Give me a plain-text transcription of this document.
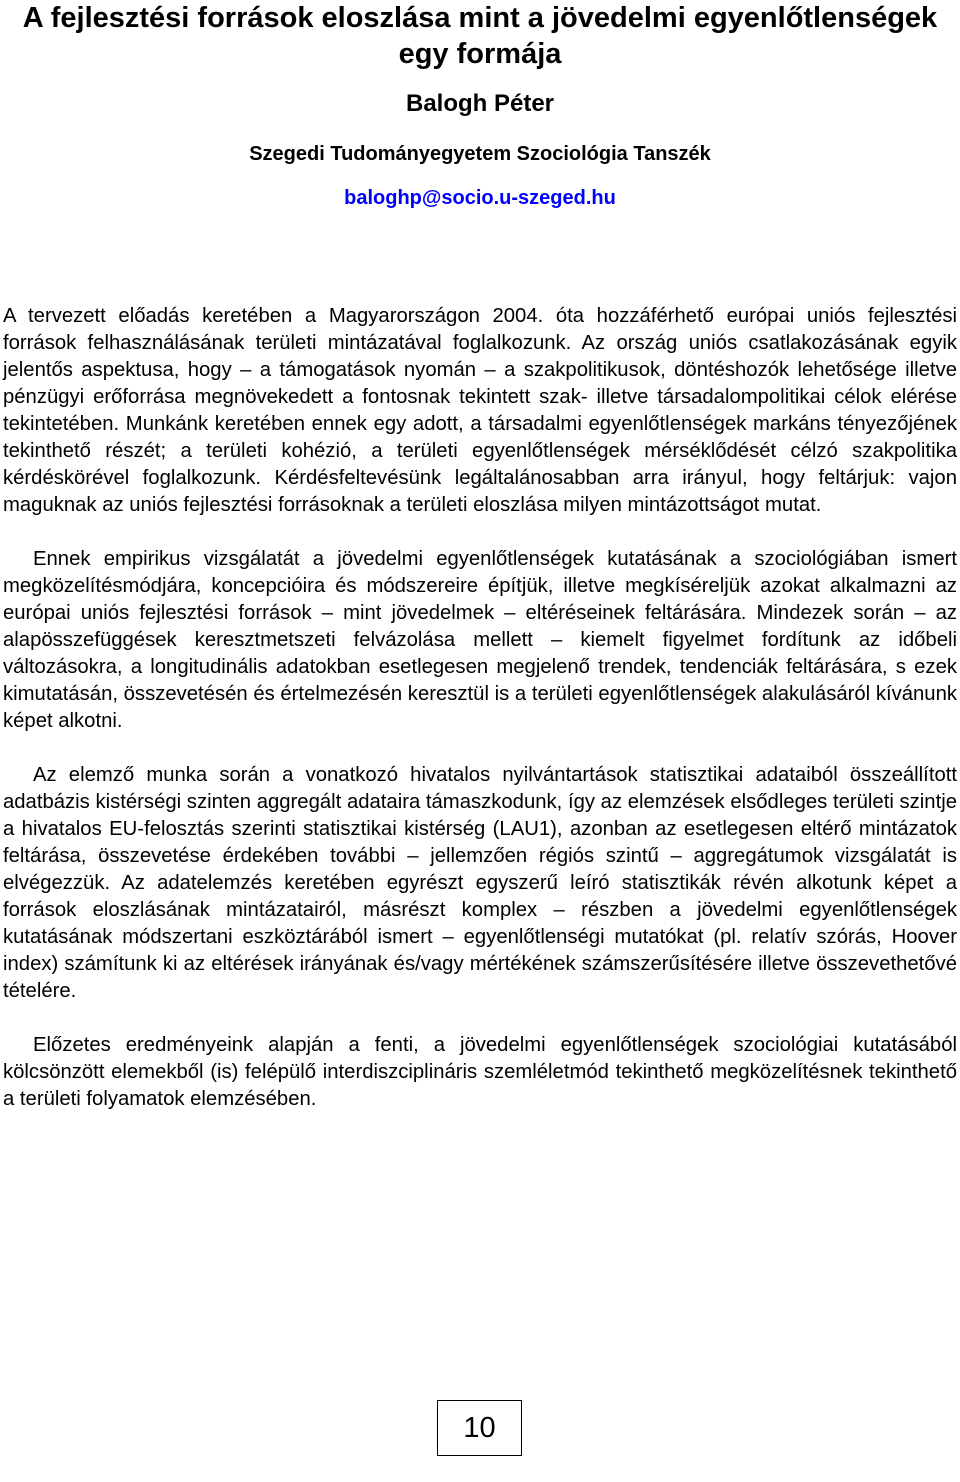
A fejlesztési források eloszlása mint a jövedelmi egyenlőtlenségek egy formája
Balogh Péter
Szegedi Tudományegyetem Szociológia Tanszék
baloghp@socio.u-szeged.hu

A tervezett előadás keretében a Magyarországon 2004. óta hozzáférhető európai uniós fejlesztési források felhasználásának területi mintázatával foglalkozunk. Az ország uniós csatlakozásának egyik jelentős aspektusa, hogy – a támogatások nyomán – a szakpolitikusok, döntéshozók lehetősége illetve pénzügyi erőforrása megnövekedett a fontosnak tekintett szak- illetve társadalompolitikai célok elérése tekintetében. Munkánk keretében ennek egy adott, a társadalmi egyenlőtlenségek markáns tényezőjének tekinthető részét; a területi kohézió, a területi egyenlőtlenségek mérséklődését célzó szakpolitika kérdéskörével foglalkozunk. Kérdésfeltevésünk legáltalánosabban arra irányul, hogy feltárjuk: vajon maguknak az uniós fejlesztési forrásoknak a területi eloszlása milyen mintázottságot mutat.

Ennek empirikus vizsgálatát a jövedelmi egyenlőtlenségek kutatásának a szociológiában ismert megközelítésmódjára, koncepcióira és módszereire építjük, illetve megkíséreljük azokat alkalmazni az európai uniós fejlesztési források – mint jövedelmek – eltéréseinek feltárására. Mindezek során – az alapösszefüggések keresztmetszeti felvázolása mellett – kiemelt figyelmet fordítunk az időbeli változásokra, a longitudinális adatokban esetlegesen megjelenő trendek, tendenciák feltárására, s ezek kimutatásán, összevetésén és értelmezésén keresztül is a területi egyenlőtlenségek alakulásáról kívánunk képet alkotni.

Az elemző munka során a vonatkozó hivatalos nyilvántartások statisztikai adataiból összeállított adatbázis kistérségi szinten aggregált adataira támaszkodunk, így az elemzések elsődleges területi szintje a hivatalos EU-felosztás szerinti statisztikai kistérség (LAU1), azonban az esetlegesen eltérő mintázatok feltárása, összevetése érdekében további – jellemzően régiós szintű – aggregátumok vizsgálatát is elvégezzük. Az adatelemzés keretében egyrészt egyszerű leíró statisztikák révén alkotunk képet a források eloszlásának mintázatairól, másrészt komplex – részben a jövedelmi egyenlőtlenségek kutatásának módszertani eszköztárából ismert – egyenlőtlenségi mutatókat (pl. relatív szórás, Hoover index) számítunk ki az eltérések irányának és/vagy mértékének számszerűsítésére illetve összevethetővé tételére.

Előzetes eredményeink alapján a fenti, a jövedelmi egyenlőtlenségek szociológiai kutatásából kölcsönzött elemekből (is) felépülő interdiszciplináris szemléletmód tekinthető megközelítésnek tekinthető a területi folyamatok elemzésében.

10
